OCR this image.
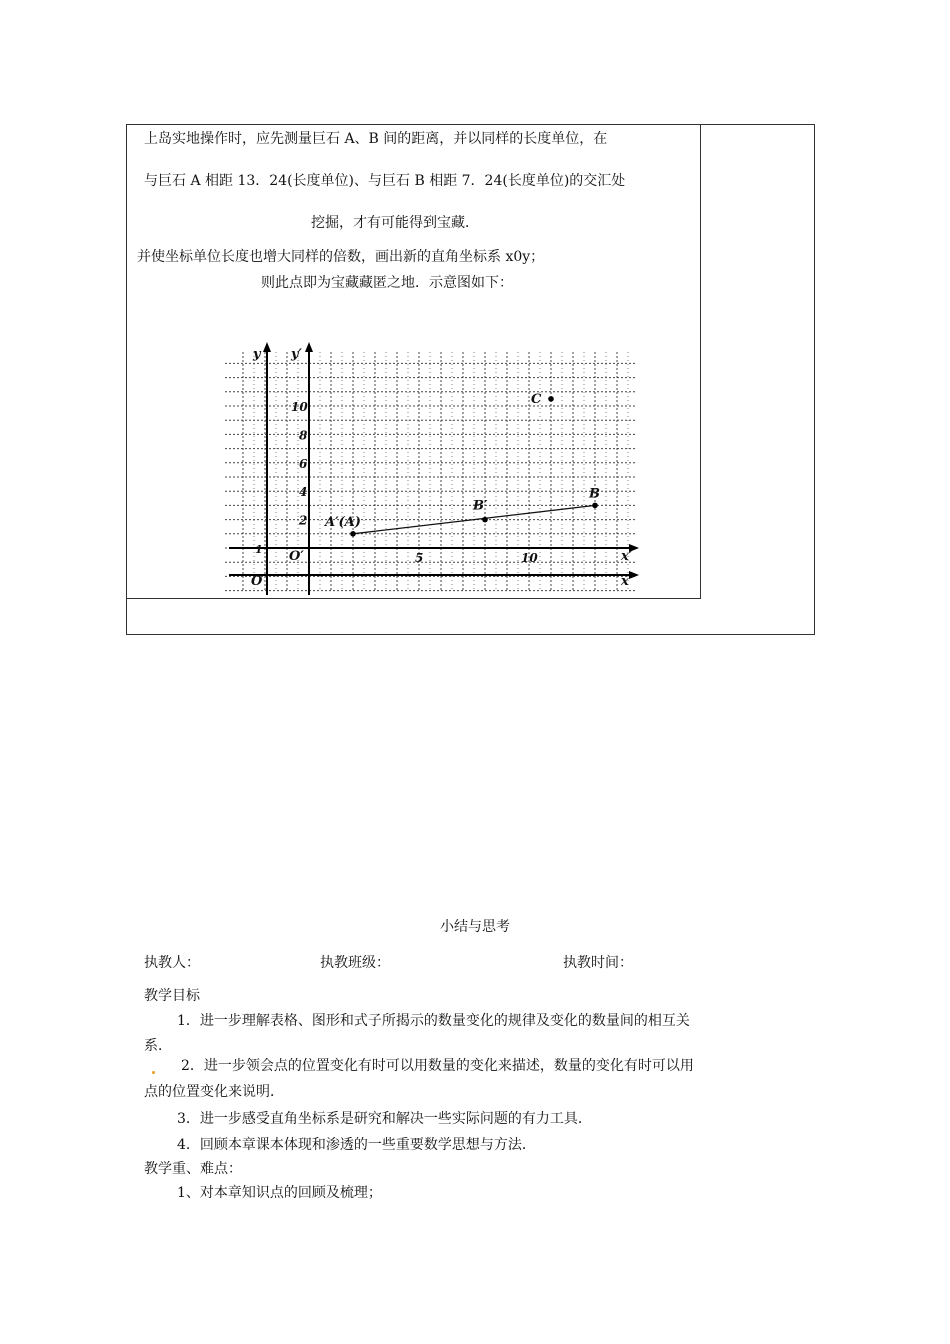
上岛实地操作时，应先测量巨石 A、B 间的距离，并以同样的长度单位，在
与巨石 A 相距 13．24(长度单位)、与巨石 B 相距 7．24(长度单位)的交汇处
挖掘，才有可能得到宝藏．
并使坐标单位长度也增大同样的倍数，画出新的直角坐标系 x0y；
则此点即为宝藏藏匿之地．示意图如下：
y y′
x
x′
O
O′
2
4
6
8
10
1
5	10
A′(A)
B′
B
C
小结与思考
执教人：	执教班级：	执教时间：
教学目标
1．进一步理解表格、图形和式子所揭示的数量变化的规律及变化的数量间的相互关
系．
2．进一步领会点的位置变化有时可以用数量的变化来描述，数量的变化有时可以用
点的位置变化来说明．
3．进一步感受直角坐标系是研究和解决一些实际问题的有力工具．
4．回顾本章课本体现和渗透的一些重要数学思想与方法．
教学重、难点：
1、对本章知识点的回顾及梳理；
